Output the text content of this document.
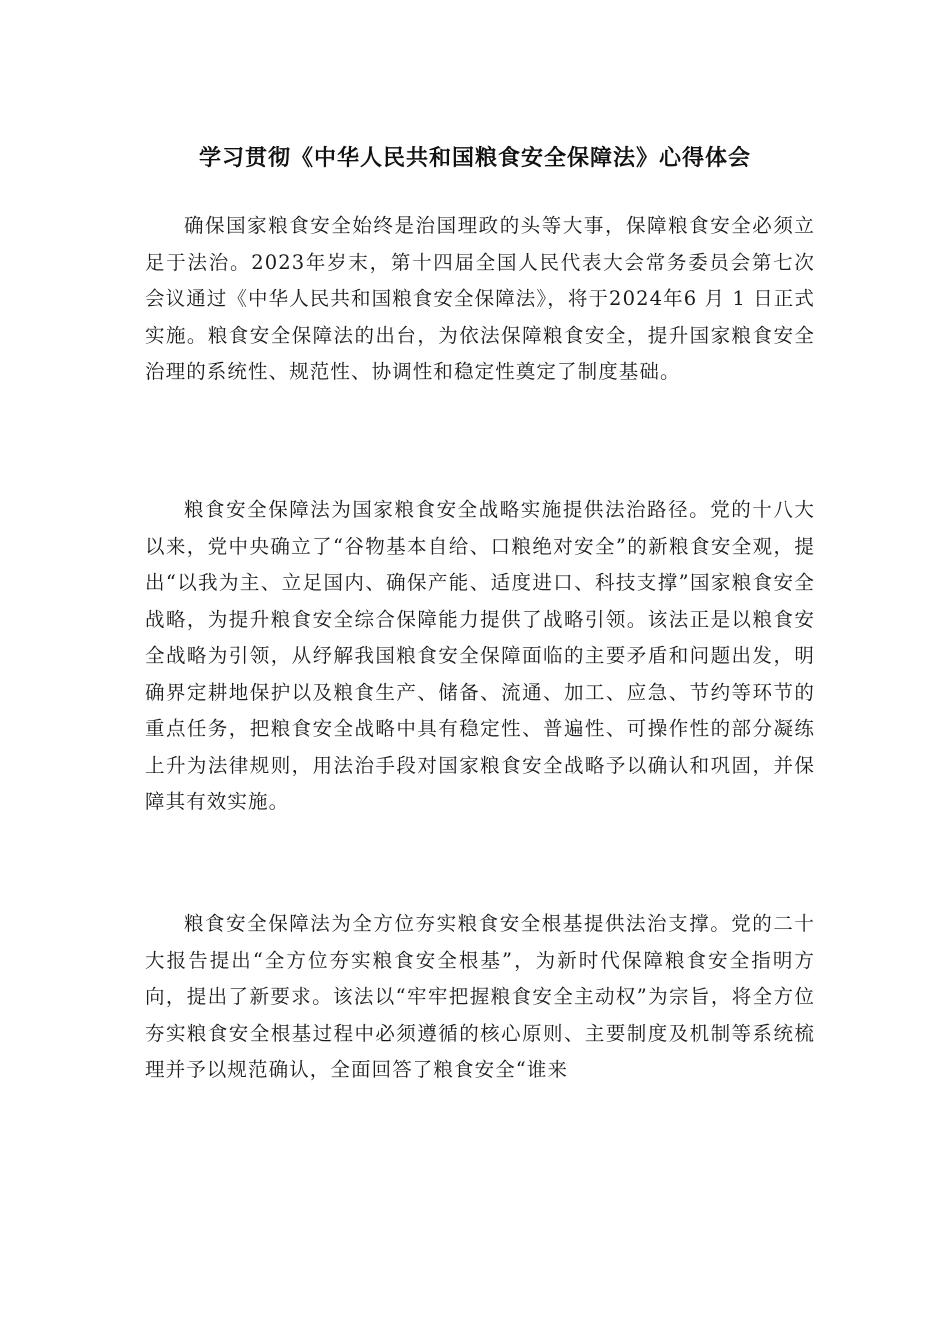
学习贯彻《中华人民共和国粮食安全保障法》心得体会

确保国家粮食安全始终是治国理政的头等大事，保障粮食安全必须立足于法治。2023年岁末，第十四届全国人民代表大会常务委员会第七次会议通过《中华人民共和国粮食安全保障法》，将于2024年6 月 1 日正式实施。粮食安全保障法的出台，为依法保障粮食安全，提升国家粮食安全治理的系统性、规范性、协调性和稳定性奠定了制度基础。

粮食安全保障法为国家粮食安全战略实施提供法治路径。党的十八大以来，党中央确立了“谷物基本自给、口粮绝对安全”的新粮食安全观，提出“以我为主、立足国内、确保产能、适度进口、科技支撑”国家粮食安全战略，为提升粮食安全综合保障能力提供了战略引领。该法正是以粮食安全战略为引领，从纾解我国粮食安全保障面临的主要矛盾和问题出发，明确界定耕地保护以及粮食生产、储备、流通、加工、应急、节约等环节的重点任务，把粮食安全战略中具有稳定性、普遍性、可操作性的部分凝练上升为法律规则，用法治手段对国家粮食安全战略予以确认和巩固，并保障其有效实施。

粮食安全保障法为全方位夯实粮食安全根基提供法治支撑。党的二十大报告提出“全方位夯实粮食安全根基”，为新时代保障粮食安全指明方向，提出了新要求。该法以“牢牢把握粮食安全主动权”为宗旨，将全方位夯实粮食安全根基过程中必须遵循的核心原则、主要制度及机制等系统梳理并予以规范确认，全面回答了粮食安全“谁来
